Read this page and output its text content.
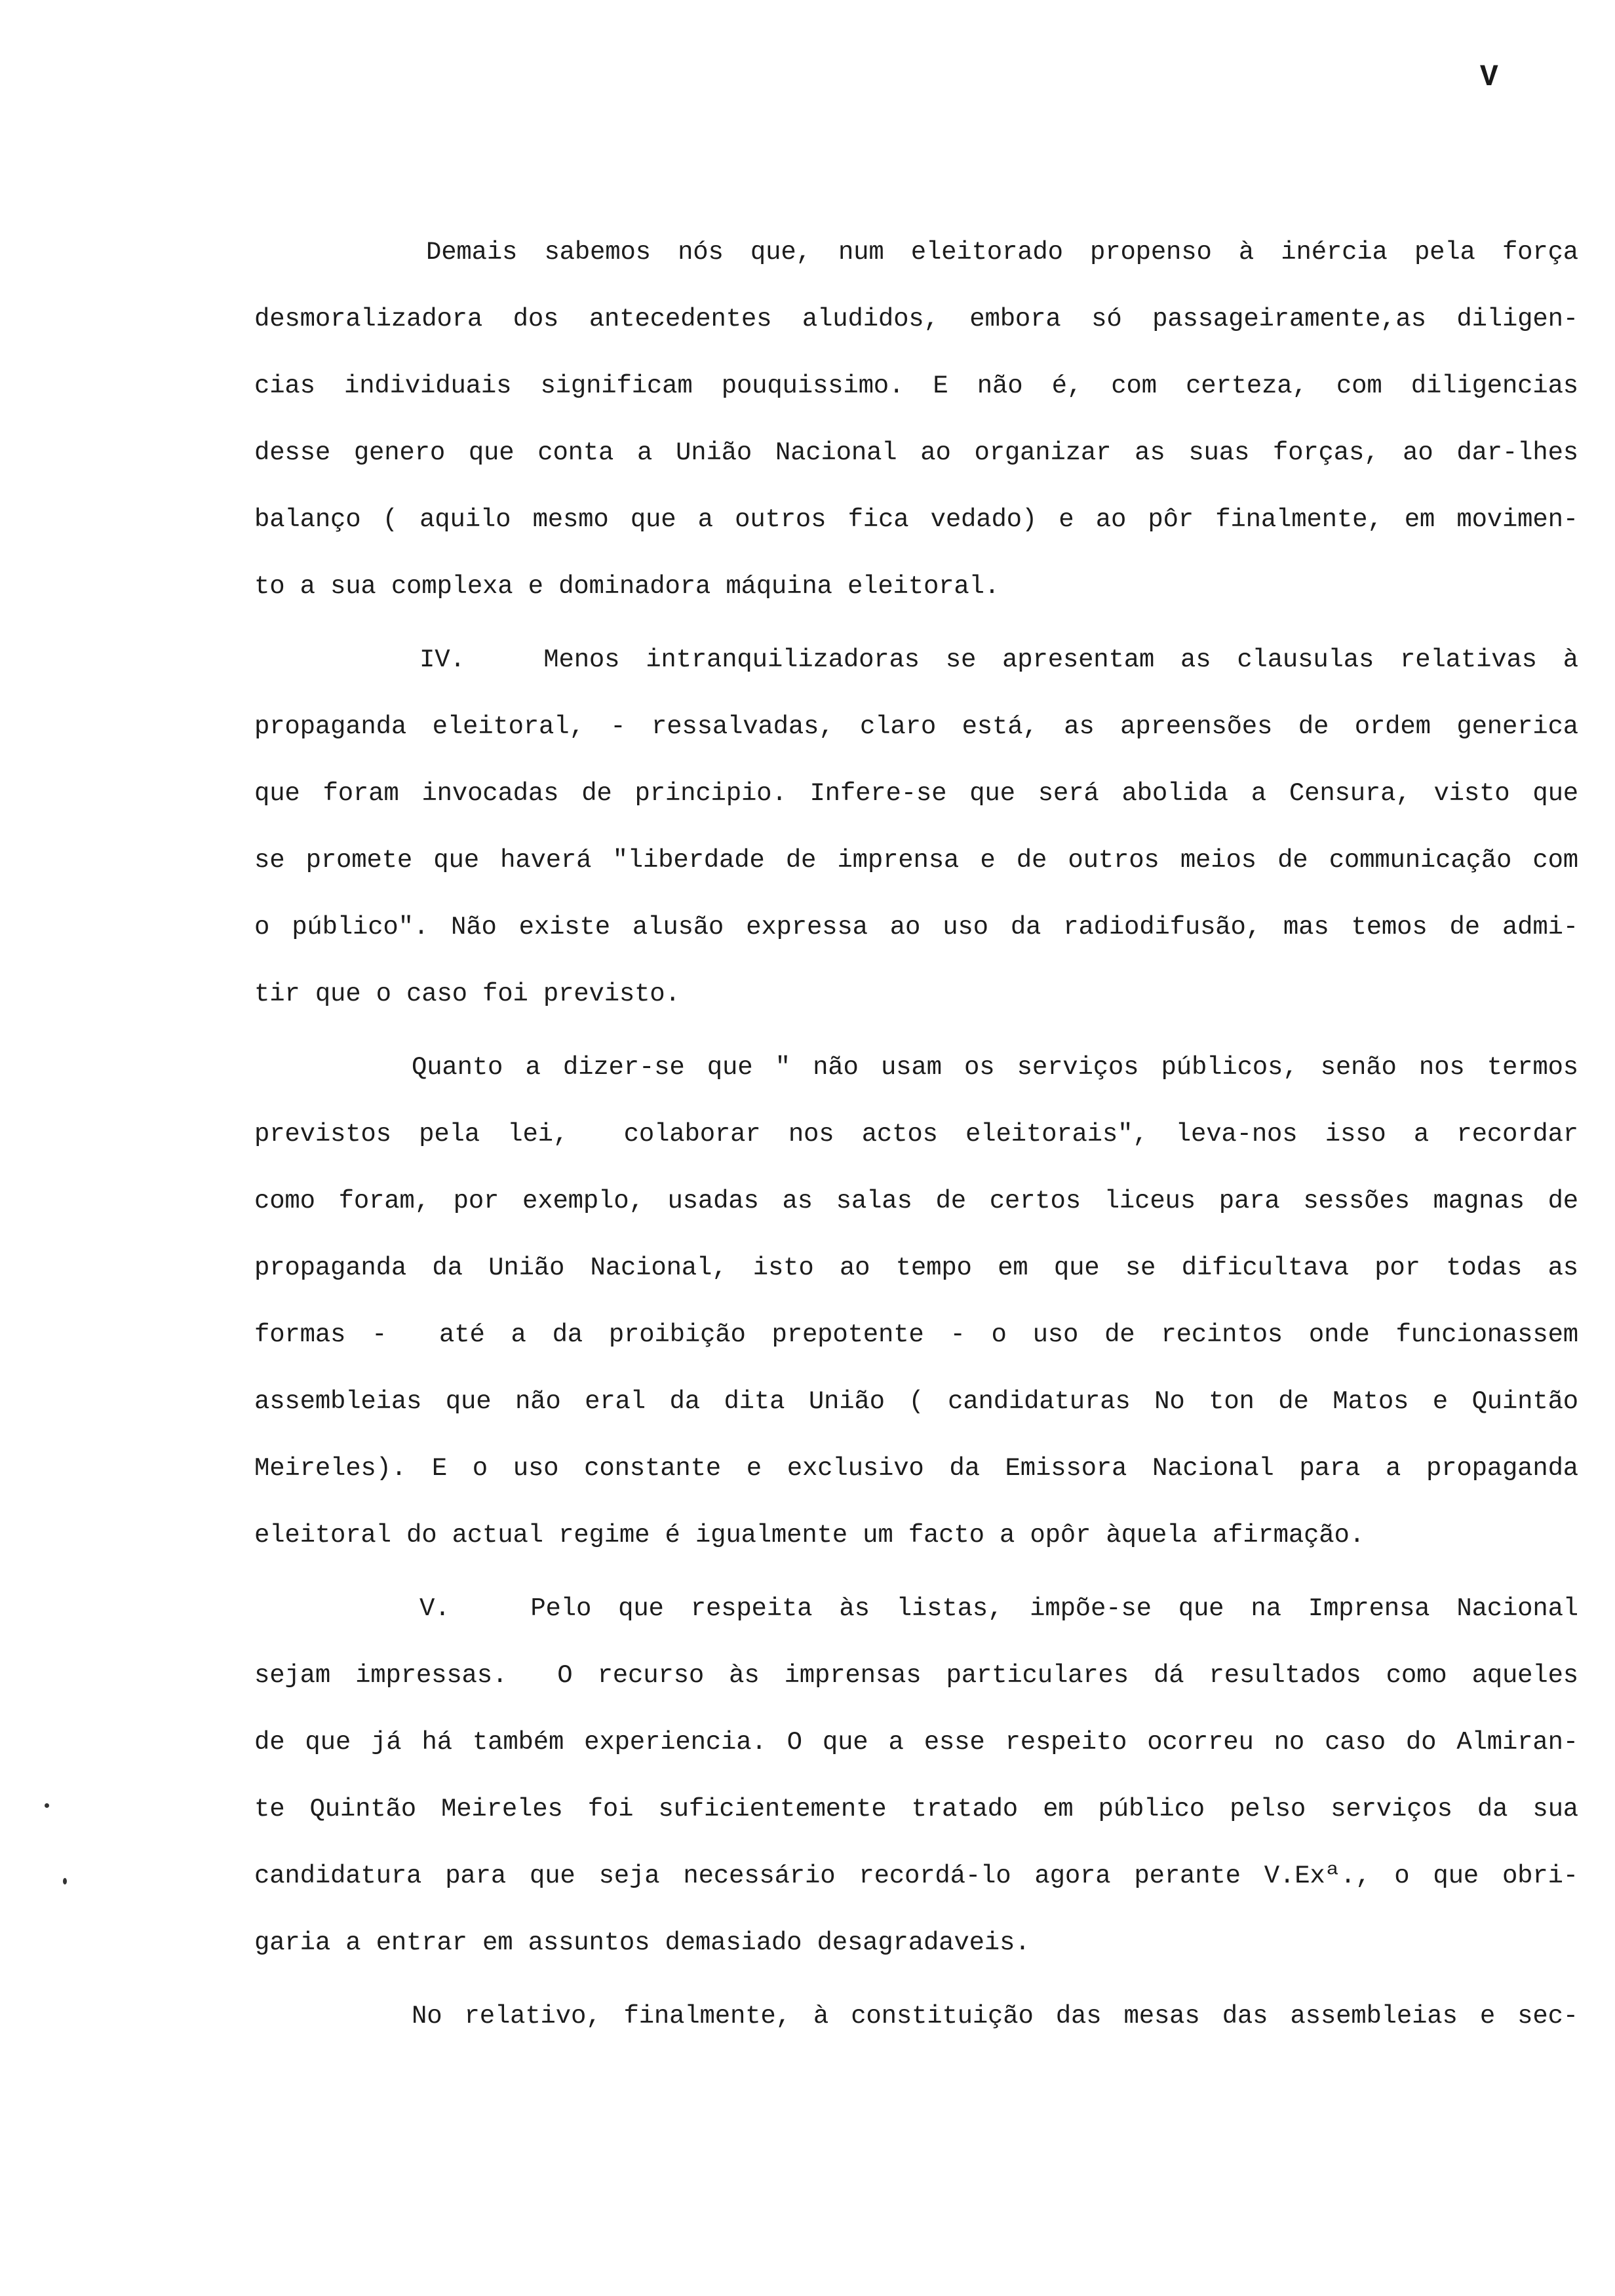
V
Demais sabemos nós que, num eleitorado propenso à inércia pela força
desmoralizadora dos antecedentes aludidos, embora só passageiramente,as diligen-
cias individuais significam pouquissimo. E não é, com certeza, com diligencias
desse genero que conta a União Nacional ao organizar as suas forças, ao dar-lhes
balanço ( aquilo mesmo que a outros fica vedado) e ao pôr finalmente, em movimen-
to a sua complexa e dominadora máquina eleitoral.
IV.   Menos intranquilizadoras se apresentam as clausulas relativas à
propaganda eleitoral, - ressalvadas, claro está, as apreensões de ordem generica
que foram invocadas de principio. Infere-se que será abolida a Censura, visto que
se promete que haverá "liberdade de imprensa e de outros meios de communicação com
o público". Não existe alusão expressa ao uso da radiodifusão, mas temos de admi-
tir que o caso foi previsto.
Quanto a dizer-se que " não usam os serviços públicos, senão nos termos
previstos pela lei,  colaborar nos actos eleitorais", leva-nos isso a recordar
como foram, por exemplo, usadas as salas de certos liceus para sessões magnas de
propaganda da União Nacional, isto ao tempo em que se dificultava por todas as
formas -  até a da proibição prepotente - o uso de recintos onde funcionassem
assembleias que não eral da dita União ( candidaturas No ton de Matos e Quintão
Meireles). E o uso constante e exclusivo da Emissora Nacional para a propaganda
eleitoral do actual regime é igualmente um facto a opôr àquela afirmação.
V.   Pelo que respeita às listas, impõe-se que na Imprensa Nacional
sejam impressas.  O recurso às imprensas particulares dá resultados como aqueles
de que já há também experiencia. O que a esse respeito ocorreu no caso do Almiran-
te Quintão Meireles foi suficientemente tratado em público pelso serviços da sua
candidatura para que seja necessário recordá-lo agora perante V.Exª., o que obri-
garia a entrar em assuntos demasiado desagradaveis.
No relativo, finalmente, à constituição das mesas das assembleias e sec-
